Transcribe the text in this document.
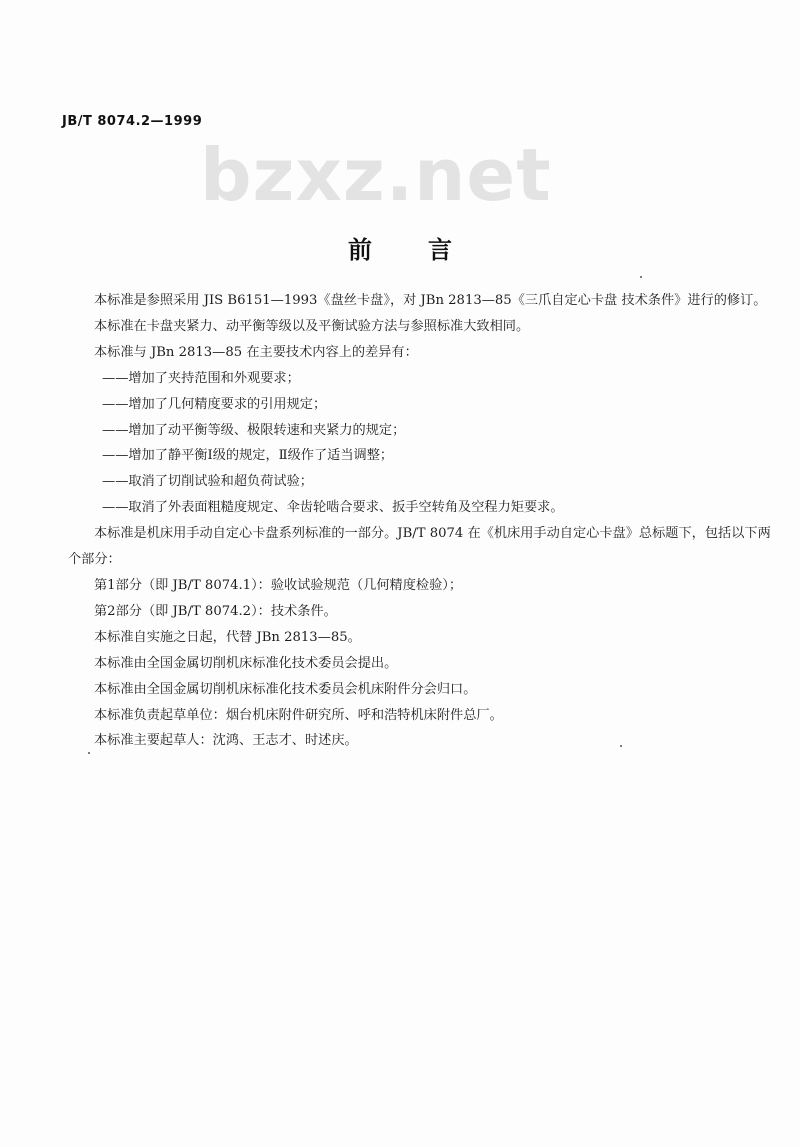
bzxz.net
JB/T 8074.2—1999
前言

本标准是参照采用 JIS B6151—1993《盘丝卡盘》，对 JBn 2813—85《三爪自定心卡盘 技术条件》进行的修订。

本标准在卡盘夹紧力、动平衡等级以及平衡试验方法与参照标准大致相同。

本标准与 JBn 2813—85 在主要技术内容上的差异有：

——增加了夹持范围和外观要求；

——增加了几何精度要求的引用规定；

——增加了动平衡等级、极限转速和夹紧力的规定；

——增加了静平衡Ⅰ级的规定，Ⅱ级作了适当调整；

——取消了切削试验和超负荷试验；

——取消了外表面粗糙度规定、伞齿轮啮合要求、扳手空转角及空程力矩要求。

本标准是机床用手动自定心卡盘系列标准的一部分。JB/T 8074 在《机床用手动自定心卡盘》总标题下，包括以下两个部分：

第1部分（即 JB/T 8074.1）：验收试验规范（几何精度检验）；

第2部分（即 JB/T 8074.2）：技术条件。

本标准自实施之日起，代替 JBn 2813—85。

本标准由全国金属切削机床标准化技术委员会提出。

本标准由全国金属切削机床标准化技术委员会机床附件分会归口。

本标准负责起草单位：烟台机床附件研究所、呼和浩特机床附件总厂。

本标准主要起草人：沈鸿、王志才、时述庆。
